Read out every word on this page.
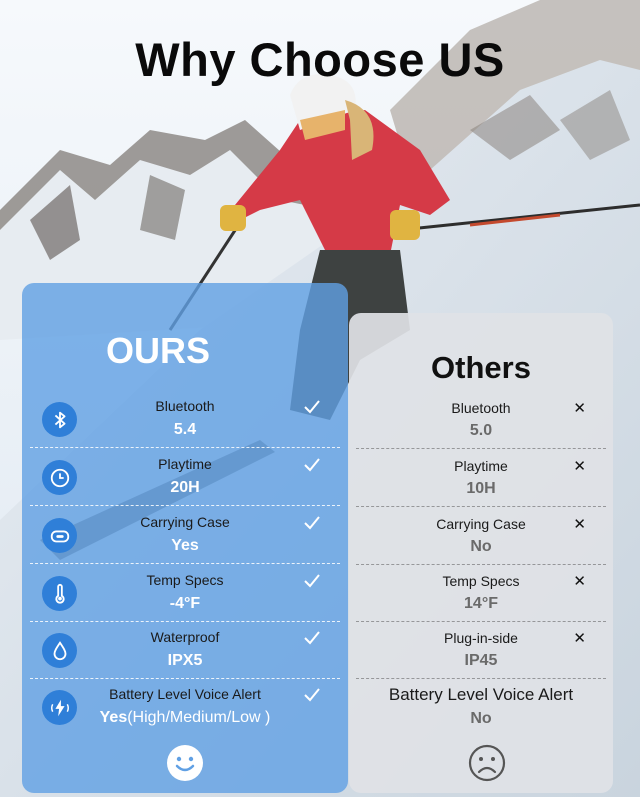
Why Choose US
OURS
Bluetooth
5.4
Playtime
20H
Carrying Case
Yes
Temp Specs
-4°F
Waterproof
IPX5
Battery Level Voice Alert
Yes(High/Medium/Low )
Others
Bluetooth
5.0
✕
Playtime
10H
✕
Carrying Case
No
✕
Temp Specs
14°F
✕
Plug-in-side
IP45
✕
Battery Level Voice Alert
No
